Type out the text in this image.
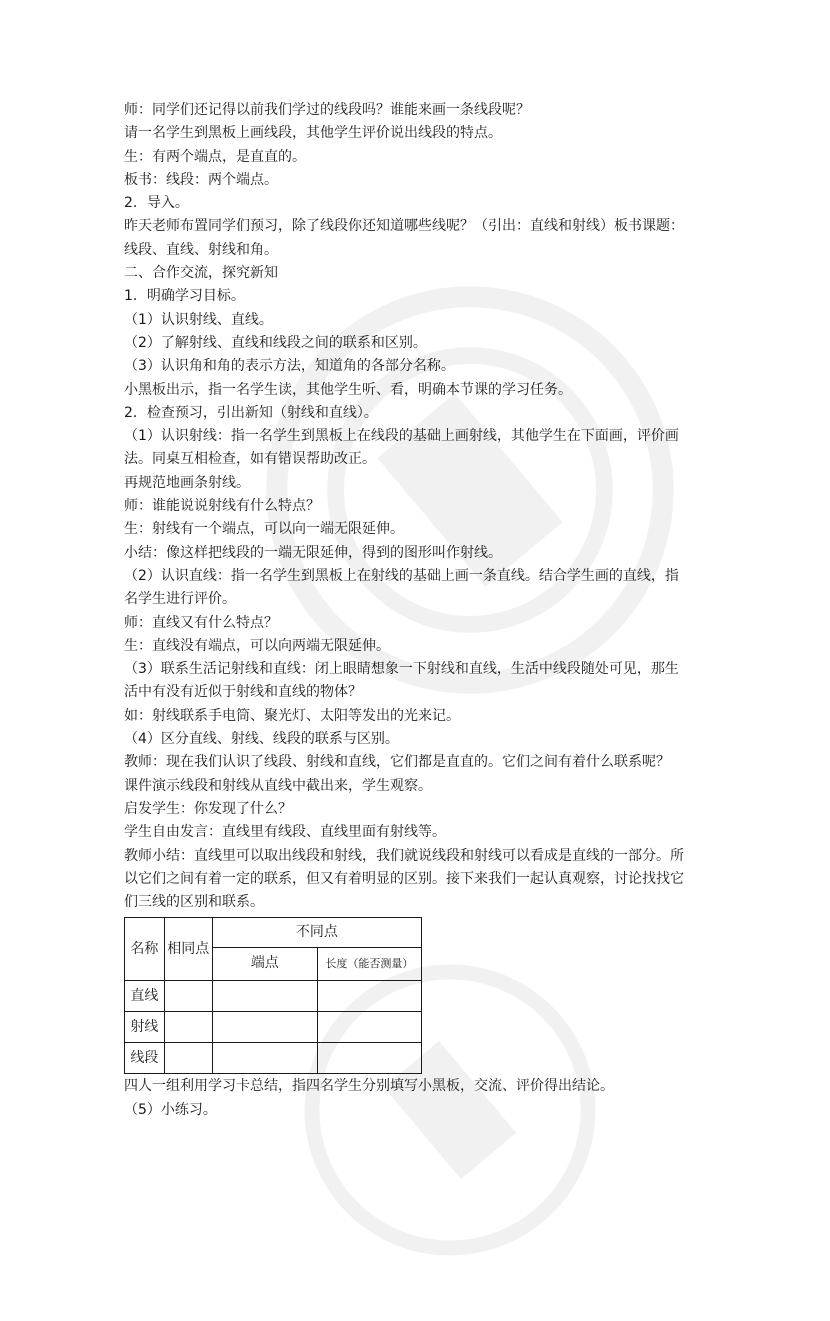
师：同学们还记得以前我们学过的线段吗？谁能来画一条线段呢？

请一名学生到黑板上画线段，其他学生评价说出线段的特点。

生：有两个端点，是直直的。

板书：线段：两个端点。

2．导入。

昨天老师布置同学们预习，除了线段你还知道哪些线呢？（引出：直线和射线）板书课题：

线段、直线、射线和角。

二、合作交流，探究新知

1．明确学习目标。

（1）认识射线、直线。

（2）了解射线、直线和线段之间的联系和区别。

（3）认识角和角的表示方法，知道角的各部分名称。

小黑板出示，指一名学生读，其他学生听、看，明确本节课的学习任务。

2．检查预习，引出新知（射线和直线）。

（1）认识射线：指一名学生到黑板上在线段的基础上画射线，其他学生在下面画，评价画

法。同桌互相检查，如有错误帮助改正。

再规范地画条射线。

师：谁能说说射线有什么特点？

生：射线有一个端点，可以向一端无限延伸。

小结：像这样把线段的一端无限延伸，得到的图形叫作射线。

（2）认识直线：指一名学生到黑板上在射线的基础上画一条直线。结合学生画的直线，指

名学生进行评价。

师：直线又有什么特点？

生：直线没有端点，可以向两端无限延伸。

（3）联系生活记射线和直线：闭上眼睛想象一下射线和直线，生活中线段随处可见，那生

活中有没有近似于射线和直线的物体？

如：射线联系手电筒、聚光灯、太阳等发出的光来记。

（4）区分直线、射线、线段的联系与区别。

教师：现在我们认识了线段、射线和直线，它们都是直直的。它们之间有着什么联系呢？

课件演示线段和射线从直线中截出来，学生观察。

启发学生：你发现了什么？

学生自由发言：直线里有线段、直线里面有射线等。

教师小结：直线里可以取出线段和射线，我们就说线段和射线可以看成是直线的一部分。所

以它们之间有着一定的联系，但又有着明显的区别。接下来我们一起认真观察，讨论找找它

们三线的区别和联系。

名称	相同点	不同点	
		端点	长度（能否测量）
直线			
射线			
线段			

四人一组利用学习卡总结，指四名学生分别填写小黑板，交流、评价得出结论。

（5）小练习。
